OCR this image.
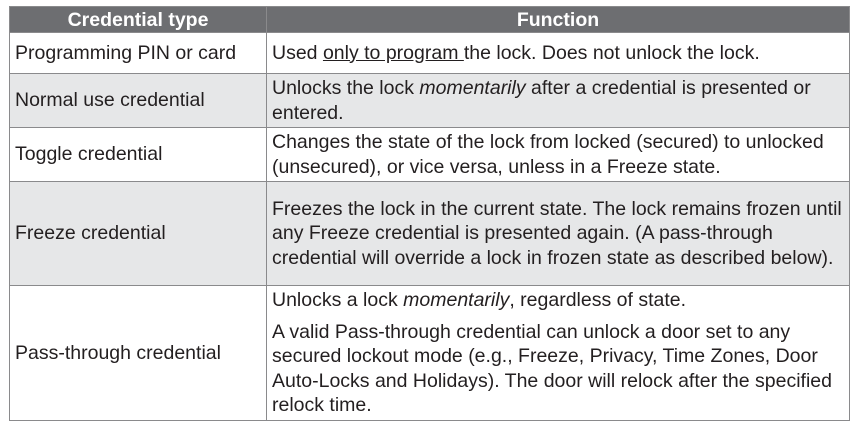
Credential type	Function
Programming PIN or card	Used only to program the lock. Does not unlock the lock.
Normal use credential	Unlocks the lock momentarily after a credential is presented or entered.
Toggle credential	Changes the state of the lock from locked (secured) to unlocked (unsecured), or vice versa, unless in a Freeze state.
Freeze credential	Freezes the lock in the current state. The lock remains frozen until any Freeze credential is presented again. (A pass-through credential will override a lock in frozen state as described below).
Pass-through credential	Unlocks a lock momentarily, regardless of state.
A valid Pass-through credential can unlock a door set to any secured lockout mode (e.g., Freeze, Privacy, Time Zones, Door Auto-Locks and Holidays). The door will relock after the specified relock time.
